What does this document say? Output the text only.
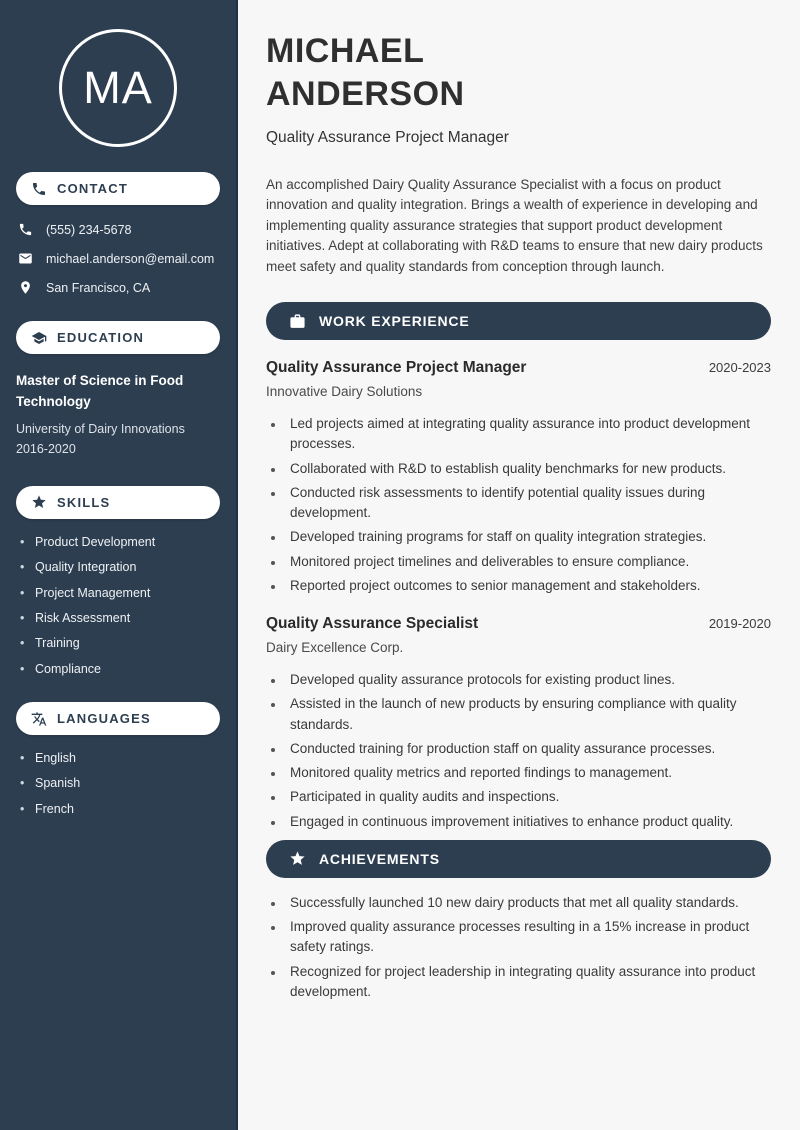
MA
CONTACT
(555) 234-5678
michael.anderson@email.com
San Francisco, CA
EDUCATION
Master of Science in Food Technology
University of Dairy Innovations
2016-2020
SKILLS
• Product Development
• Quality Integration
• Project Management
• Risk Assessment
• Training
• Compliance
LANGUAGES
• English
• Spanish
• French
MICHAEL
ANDERSON
Quality Assurance Project Manager

An accomplished Dairy Quality Assurance Specialist with a focus on product innovation and quality integration. Brings a wealth of experience in developing and implementing quality assurance strategies that support product development initiatives. Adept at collaborating with R&D teams to ensure that new dairy products meet safety and quality standards from conception through launch.

WORK EXPERIENCE
Quality Assurance Project Manager	2020-2023
Innovative Dairy Solutions
• Led projects aimed at integrating quality assurance into product development processes.
• Collaborated with R&D to establish quality benchmarks for new products.
• Conducted risk assessments to identify potential quality issues during development.
• Developed training programs for staff on quality integration strategies.
• Monitored project timelines and deliverables to ensure compliance.
• Reported project outcomes to senior management and stakeholders.
Quality Assurance Specialist	2019-2020
Dairy Excellence Corp.
• Developed quality assurance protocols for existing product lines.
• Assisted in the launch of new products by ensuring compliance with quality standards.
• Conducted training for production staff on quality assurance processes.
• Monitored quality metrics and reported findings to management.
• Participated in quality audits and inspections.
• Engaged in continuous improvement initiatives to enhance product quality.
ACHIEVEMENTS
• Successfully launched 10 new dairy products that met all quality standards.
• Improved quality assurance processes resulting in a 15% increase in product safety ratings.
• Recognized for project leadership in integrating quality assurance into product development.
